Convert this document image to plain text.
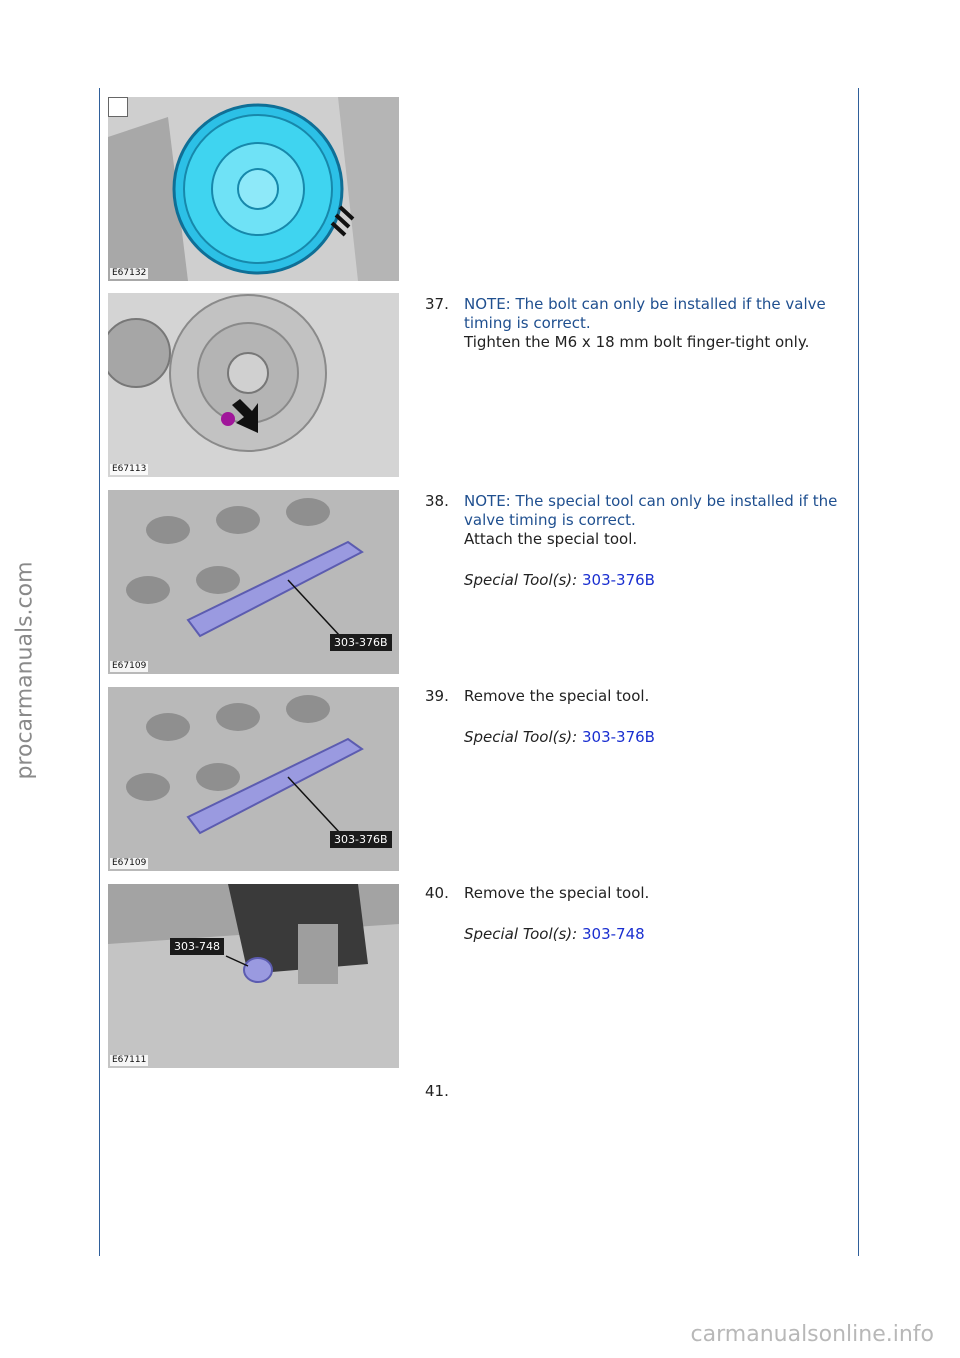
procarmanuals.com
carmanualsonline.info
E67132
E67113
303-376B
E67109
303-376B
E67109
303-748
E67111
37. NOTE: The bolt can only be installed if the valve timing is correct.

Tighten the M6 x 18 mm bolt finger-tight only.

38. NOTE: The special tool can only be installed if the valve timing is correct.

Attach the special tool.

Special Tool(s): 303-376B

39. Remove the special tool.

Special Tool(s): 303-376B

40. Remove the special tool.

Special Tool(s): 303-748

41.
